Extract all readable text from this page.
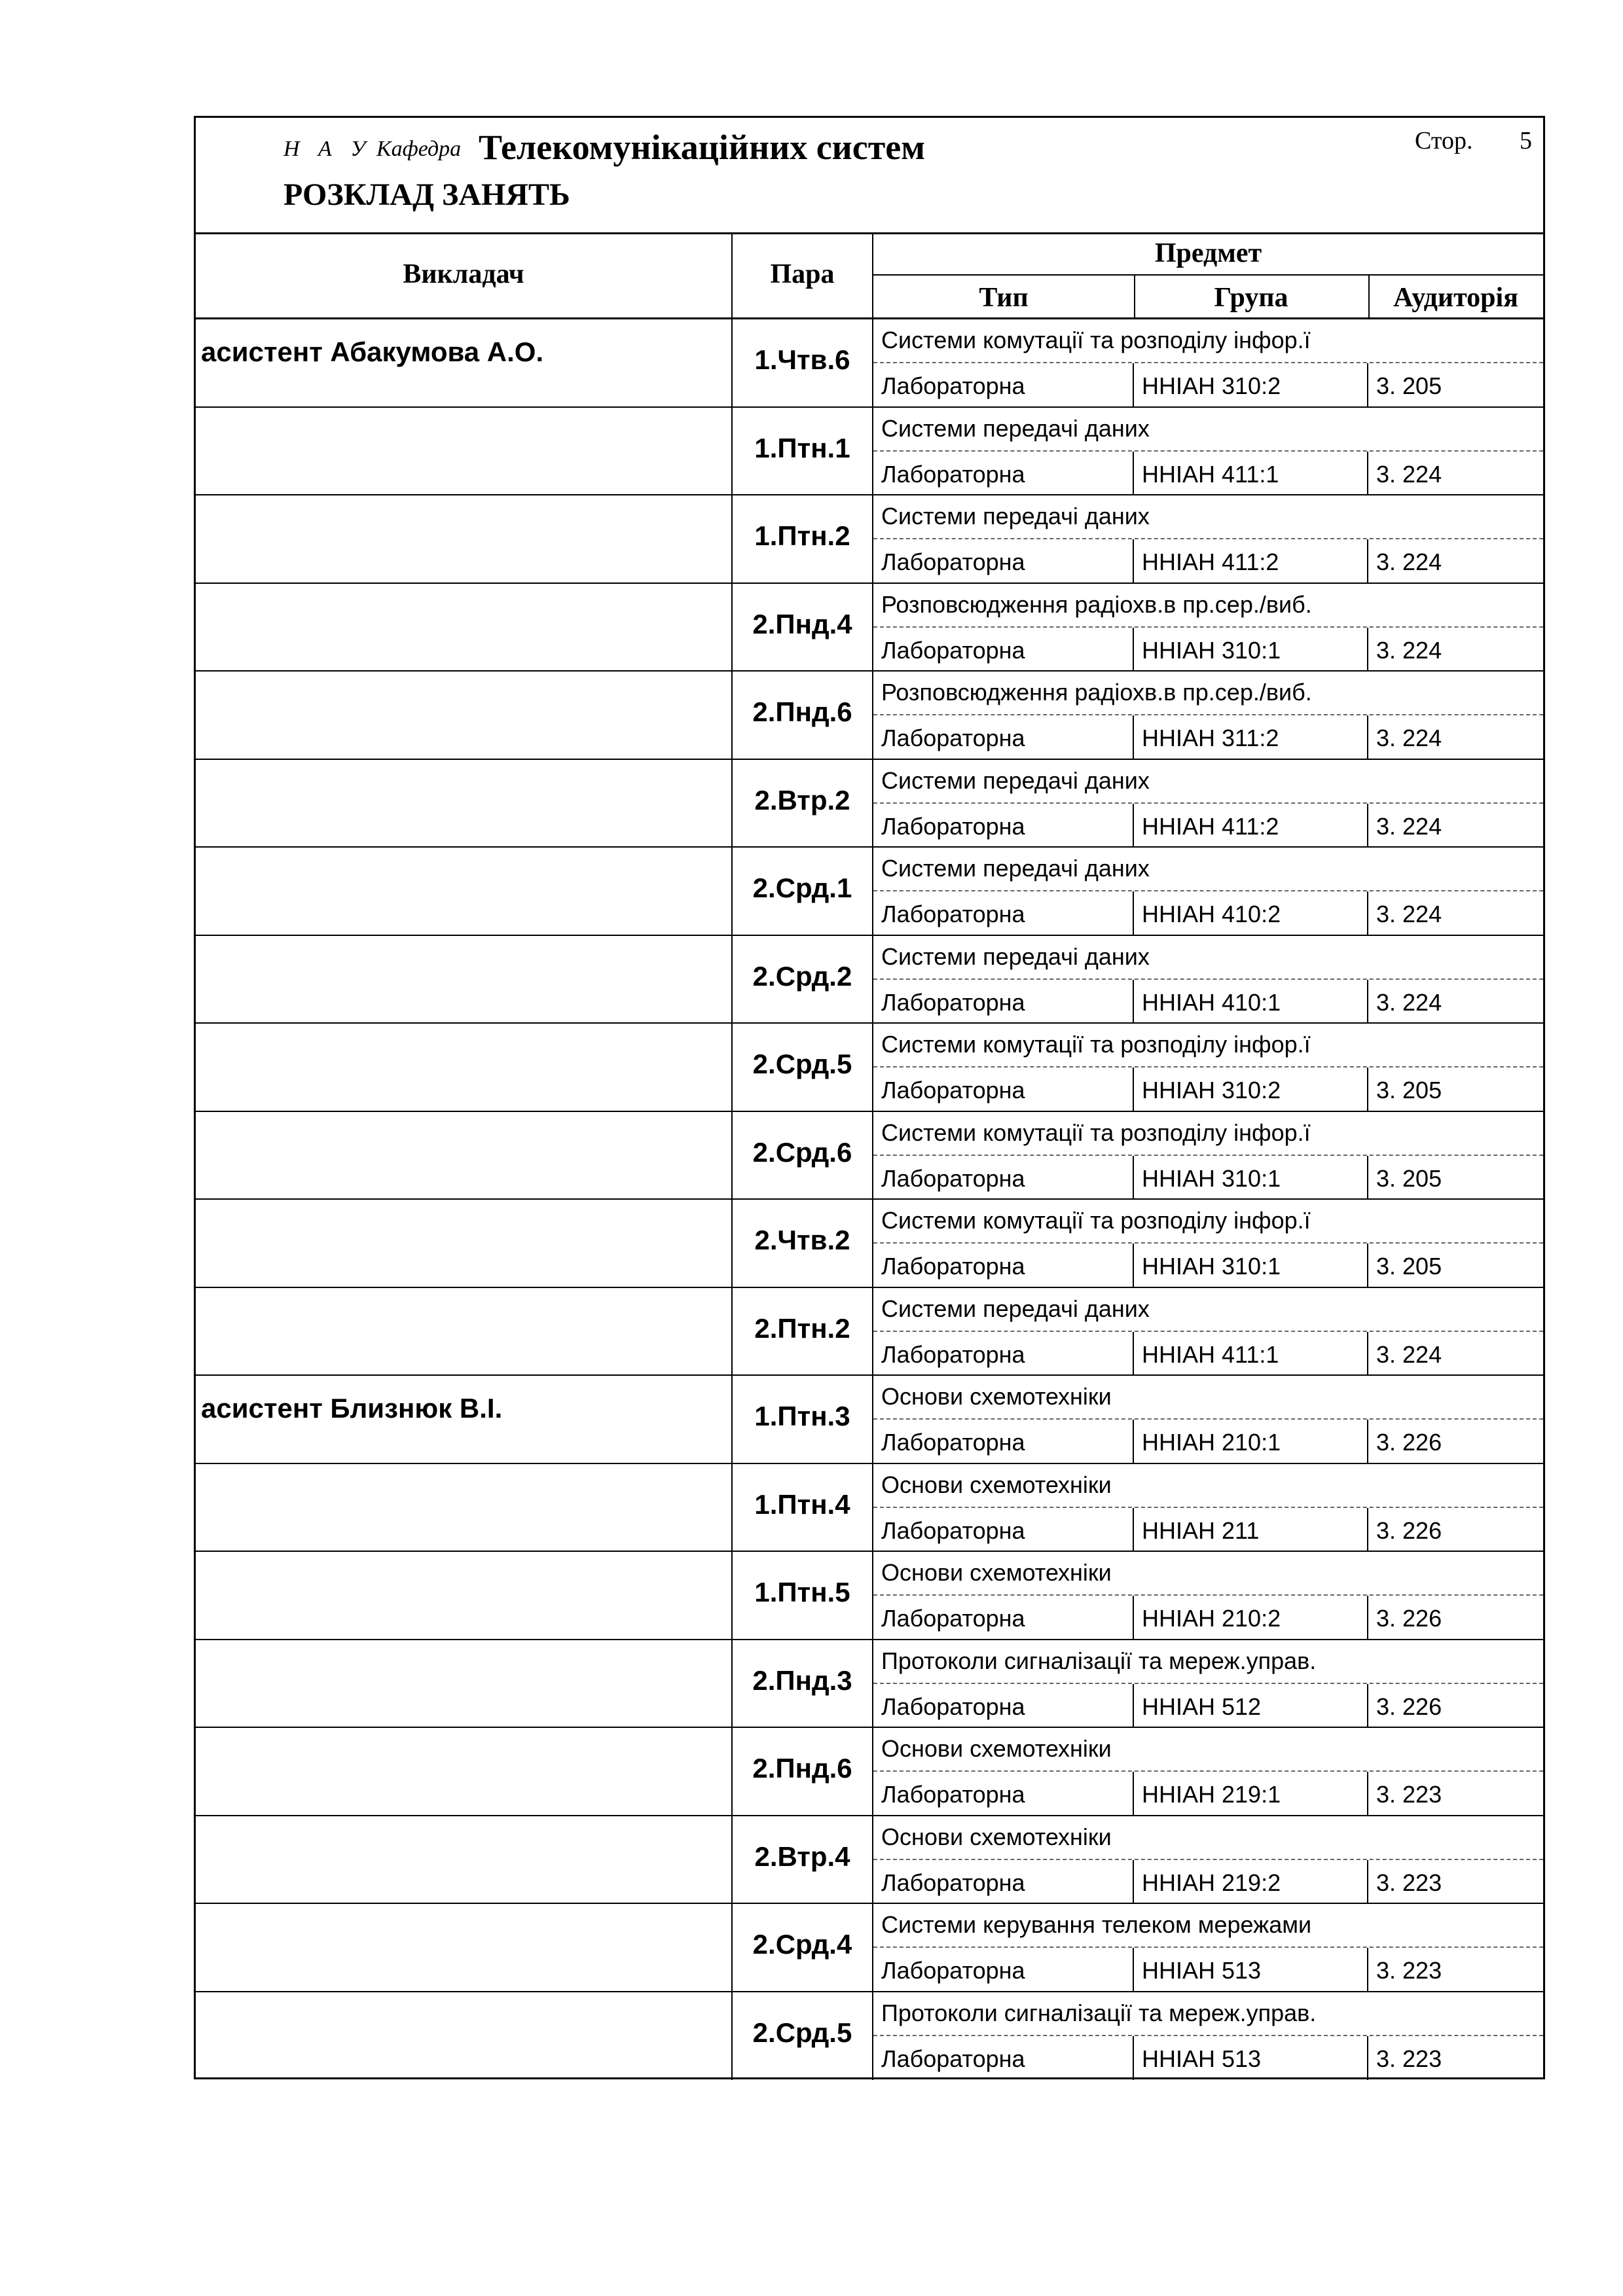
Н А У Кафедра Телекомунікаційних систем
РОЗКЛАД ЗАНЯТЬ
Стор. 5
Викладач	Пара
Предмет
Тип	Група	Аудиторія
асистент Абакумова А.О.	1.Чтв.6
Системи комутації та розподілу інфор.ї
Лабораторна	ННІАН 310:2	3. 205
1.Птн.1
Системи передачі даних
Лабораторна	ННІАН 411:1	3. 224
1.Птн.2
Системи передачі даних
Лабораторна	ННІАН 411:2	3. 224
2.Пнд.4
Розповсюдження радіохв.в пр.сер./виб.
Лабораторна	ННІАН 310:1	3. 224
2.Пнд.6
Розповсюдження радіохв.в пр.сер./виб.
Лабораторна	ННІАН 311:2	3. 224
2.Втр.2
Системи передачі даних
Лабораторна	ННІАН 411:2	3. 224
2.Срд.1
Системи передачі даних
Лабораторна	ННІАН 410:2	3. 224
2.Срд.2
Системи передачі даних
Лабораторна	ННІАН 410:1	3. 224
2.Срд.5
Системи комутації та розподілу інфор.ї
Лабораторна	ННІАН 310:2	3. 205
2.Срд.6
Системи комутації та розподілу інфор.ї
Лабораторна	ННІАН 310:1	3. 205
2.Чтв.2
Системи комутації та розподілу інфор.ї
Лабораторна	ННІАН 310:1	3. 205
2.Птн.2
Системи передачі даних
Лабораторна	ННІАН 411:1	3. 224
асистент Близнюк В.І.	1.Птн.3
Основи схемотехніки
Лабораторна	ННІАН 210:1	3. 226
1.Птн.4
Основи схемотехніки
Лабораторна	ННІАН 211	3. 226
1.Птн.5
Основи схемотехніки
Лабораторна	ННІАН 210:2	3. 226
2.Пнд.3
Протоколи сигналізації та мереж.управ.
Лабораторна	ННІАН 512	3. 226
2.Пнд.6
Основи схемотехніки
Лабораторна	ННІАН 219:1	3. 223
2.Втр.4
Основи схемотехніки
Лабораторна	ННІАН 219:2	3. 223
2.Срд.4
Системи керування телеком мережами
Лабораторна	ННІАН 513	3. 223
2.Срд.5
Протоколи сигналізації та мереж.управ.
Лабораторна	ННІАН 513	3. 223
